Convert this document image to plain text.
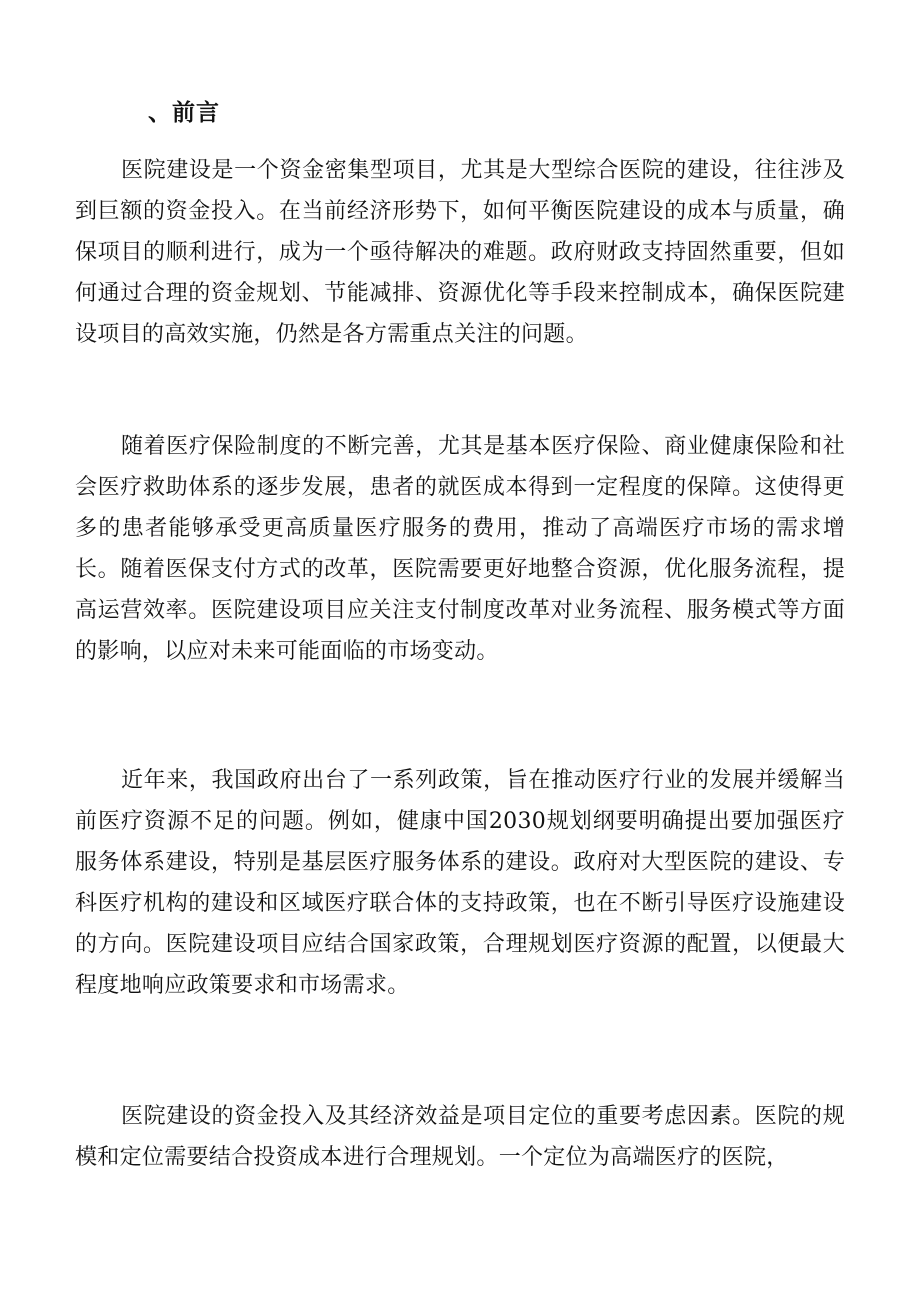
、前言

医院建设是一个资金密集型项目，尤其是大型综合医院的建设，往往涉及到巨额的资金投入。在当前经济形势下，如何平衡医院建设的成本与质量，确保项目的顺利进行，成为一个亟待解决的难题。政府财政支持固然重要，但如何通过合理的资金规划、节能减排、资源优化等手段来控制成本，确保医院建设项目的高效实施，仍然是各方需重点关注的问题。

随着医疗保险制度的不断完善，尤其是基本医疗保险、商业健康保险和社会医疗救助体系的逐步发展，患者的就医成本得到一定程度的保障。这使得更多的患者能够承受更高质量医疗服务的费用，推动了高端医疗市场的需求增长。随着医保支付方式的改革，医院需要更好地整合资源，优化服务流程，提高运营效率。医院建设项目应关注支付制度改革对业务流程、服务模式等方面的影响，以应对未来可能面临的市场变动。

近年来，我国政府出台了一系列政策，旨在推动医疗行业的发展并缓解当前医疗资源不足的问题。例如，健康中国2030规划纲要明确提出要加强医疗服务体系建设，特别是基层医疗服务体系的建设。政府对大型医院的建设、专科医疗机构的建设和区域医疗联合体的支持政策，也在不断引导医疗设施建设的方向。医院建设项目应结合国家政策，合理规划医疗资源的配置，以便最大程度地响应政策要求和市场需求。

医院建设的资金投入及其经济效益是项目定位的重要考虑因素。医院的规模和定位需要结合投资成本进行合理规划。一个定位为高端医疗的医院，
